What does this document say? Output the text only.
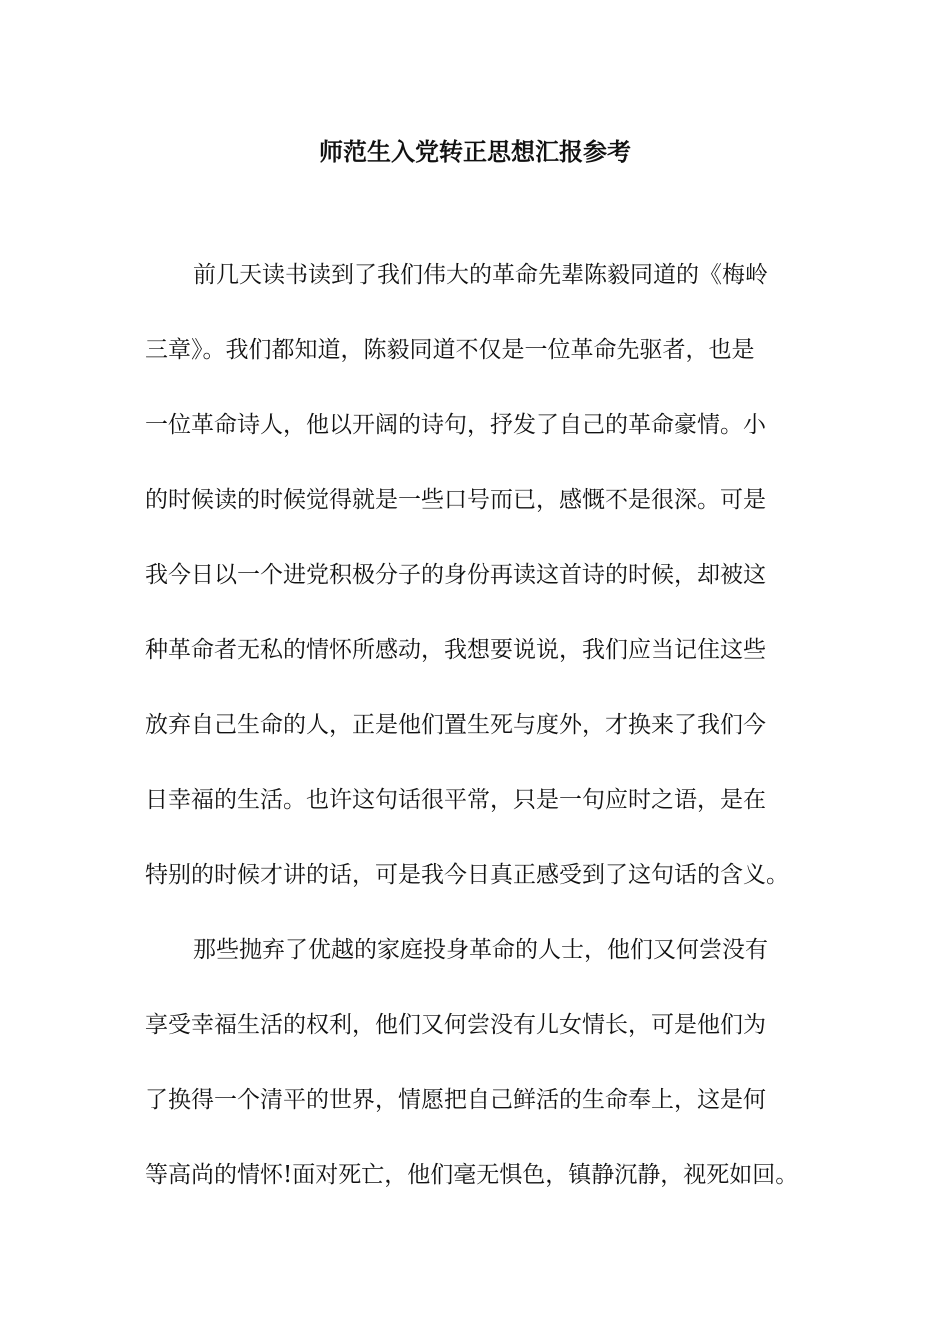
师范生入党转正思想汇报参考
前几天读书读到了我们伟大的革命先辈陈毅同道的《梅岭
三章》。我们都知道，陈毅同道不仅是一位革命先驱者，也是
一位革命诗人，他以开阔的诗句，抒发了自己的革命豪情。小
的时候读的时候觉得就是一些口号而已，感慨不是很深。可是
我今日以一个进党积极分子的身份再读这首诗的时候，却被这
种革命者无私的情怀所感动，我想要说说，我们应当记住这些
放弃自己生命的人，正是他们置生死与度外，才换来了我们今
日幸福的生活。也许这句话很平常，只是一句应时之语，是在
特别的时候才讲的话，可是我今日真正感受到了这句话的含义。
那些抛弃了优越的家庭投身革命的人士，他们又何尝没有
享受幸福生活的权利，他们又何尝没有儿女情长，可是他们为
了换得一个清平的世界，情愿把自己鲜活的生命奉上，这是何
等高尚的情怀!面对死亡，他们毫无惧色，镇静沉静，视死如回。
